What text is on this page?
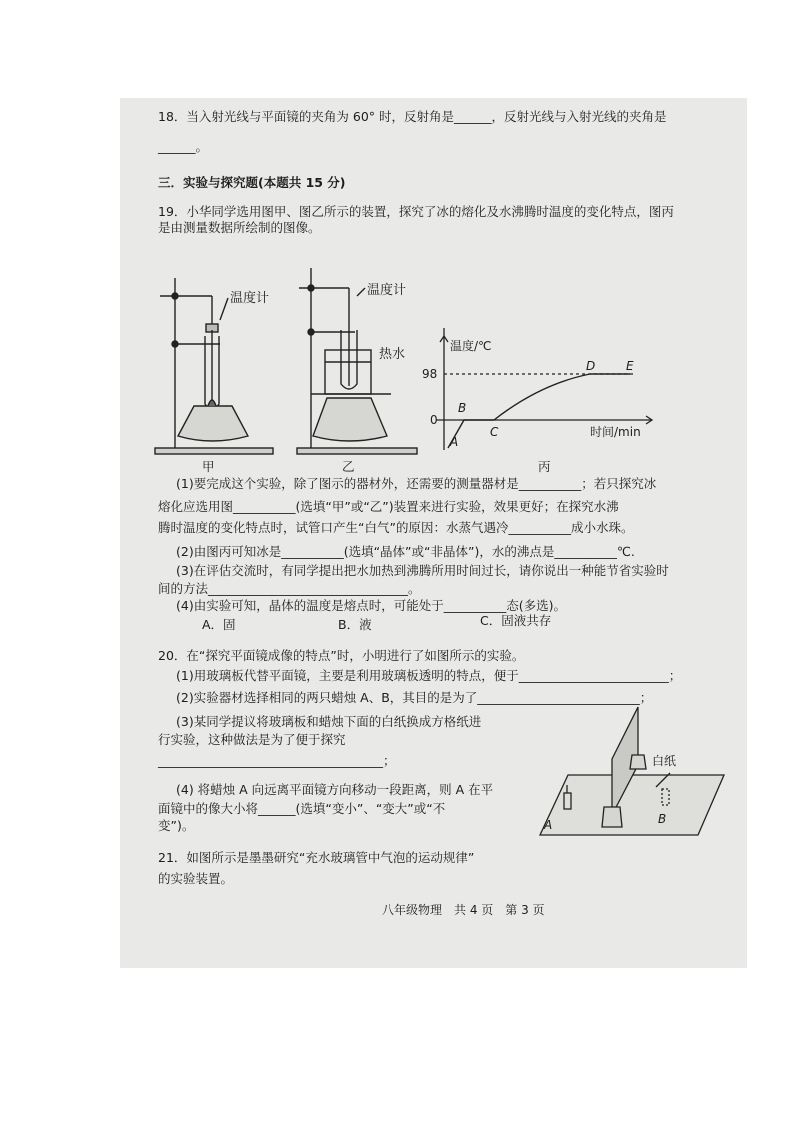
18．当入射光线与平面镜的夹角为 60° 时，反射角是______，反射光线与入射光线的夹角是
______。
三．实验与探究题(本题共 15 分)
19．小华同学选用图甲、图乙所示的装置，探究了冰的熔化及水沸腾时温度的变化特点，图丙
是由测量数据所绘制的图像。
温度计
甲
温度计
热水
乙
温度/℃
时间/min
98
0
A
B
C
D	E
丙
(1)要完成这个实验，除了图示的器材外，还需要的测量器材是__________；若只探究冰
熔化应选用图__________(选填“甲”或“乙”)装置来进行实验，效果更好；在探究水沸
腾时温度的变化特点时，试管口产生“白气”的原因：水蒸气遇冷__________成小水珠。
(2)由图丙可知冰是__________(选填“晶体”或“非晶体”)，水的沸点是__________℃.
(3)在评估交流时，有同学提出把水加热到沸腾所用时间过长，请你说出一种能节省实验时
间的方法________________________________。
(4)由实验可知，晶体的温度是熔点时，可能处于__________态(多选)。
A．固	B．液	C．固液共存
20．在“探究平面镜成像的特点”时，小明进行了如图所示的实验。
(1)用玻璃板代替平面镜，主要是利用玻璃板透明的特点，便于________________________；
(2)实验器材选择相同的两只蜡烛 A、B，其目的是为了__________________________；
(3)某同学提议将玻璃板和蜡烛下面的白纸换成方格纸进
行实验，这种做法是为了便于探究
____________________________________；
(4) 将蜡烛 A 向远离平面镜方向移动一段距离，则 A 在平
面镜中的像大小将______(选填“变小”、“变大”或“不
变”)。
白纸
A	B
21．如图所示是墨墨研究“充水玻璃管中气泡的运动规律”
的实验装置。
八年级物理　共 4 页　第 3 页
